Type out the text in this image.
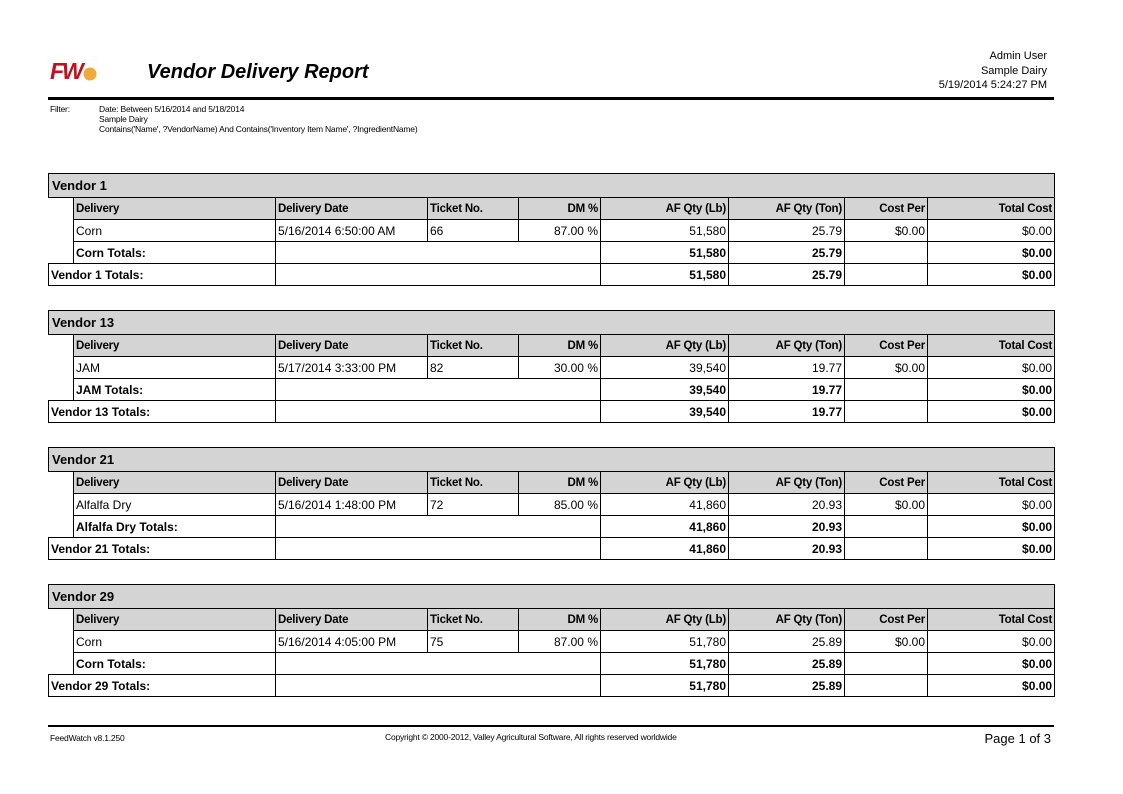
FW	Vendor Delivery Report
Admin User
Sample Dairy
5/19/2014 5:24:27 PM
Filter:	Date: Between 5/16/2014 and 5/18/2014
Sample Dairy
Contains('Name', ?VendorName) And Contains('Inventory Item Name', ?IngredientName)
Vendor 1								
	Delivery	Delivery Date	Ticket No.	DM %	AF Qty (Lb)	AF Qty (Ton)	Cost Per	Total Cost
	Corn	5/16/2014 6:50:00 AM	66	87.00 %	51,580	25.79	$0.00	$0.00
	Corn Totals:				51,580	25.79		$0.00
Vendor 1 Totals:					51,580	25.79		$0.00
Vendor 13								
	Delivery	Delivery Date	Ticket No.	DM %	AF Qty (Lb)	AF Qty (Ton)	Cost Per	Total Cost
	JAM	5/17/2014 3:33:00 PM	82	30.00 %	39,540	19.77	$0.00	$0.00
	JAM Totals:				39,540	19.77		$0.00
Vendor 13 Totals:					39,540	19.77		$0.00
Vendor 21								
	Delivery	Delivery Date	Ticket No.	DM %	AF Qty (Lb)	AF Qty (Ton)	Cost Per	Total Cost
	Alfalfa Dry	5/16/2014 1:48:00 PM	72	85.00 %	41,860	20.93	$0.00	$0.00
	Alfalfa Dry Totals:				41,860	20.93		$0.00
Vendor 21 Totals:					41,860	20.93		$0.00
Vendor 29								
	Delivery	Delivery Date	Ticket No.	DM %	AF Qty (Lb)	AF Qty (Ton)	Cost Per	Total Cost
	Corn	5/16/2014 4:05:00 PM	75	87.00 %	51,780	25.89	$0.00	$0.00
	Corn Totals:				51,780	25.89		$0.00
Vendor 29 Totals:					51,780	25.89		$0.00
FeedWatch v8.1.250	Copyright © 2000-2012, Valley Agricultural Software, All rights reserved worldwide	Page 1 of 3
